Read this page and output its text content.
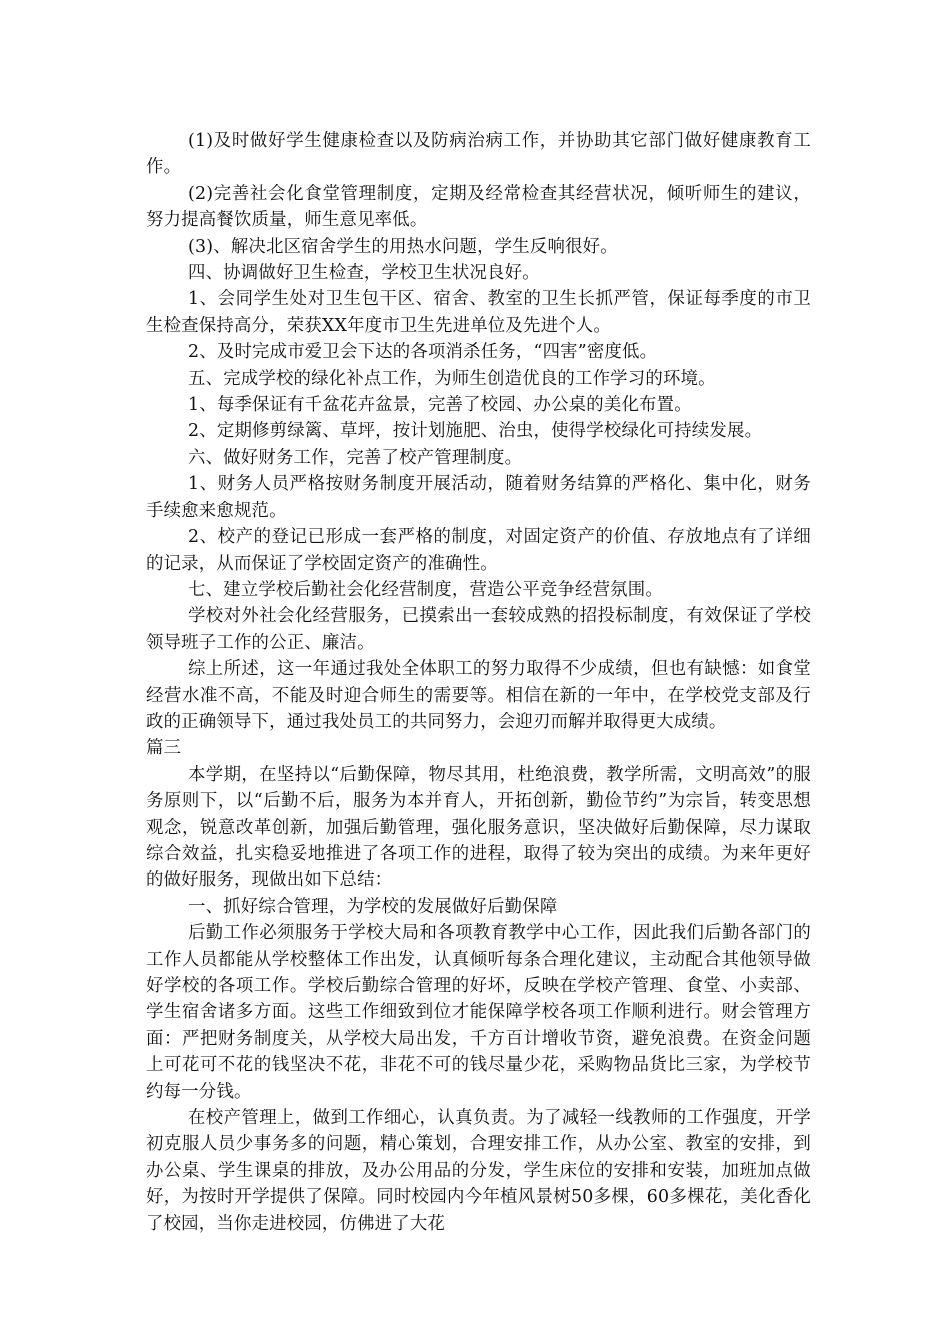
(1)及时做好学生健康检查以及防病治病工作，并协助其它部门做好健康教育工作。

(2)完善社会化食堂管理制度，定期及经常检查其经营状况，倾听师生的建议，努力提高餐饮质量，师生意见率低。

(3)、解决北区宿舍学生的用热水问题，学生反响很好。

四、协调做好卫生检查，学校卫生状况良好。

1、会同学生处对卫生包干区、宿舍、教室的卫生长抓严管，保证每季度的市卫生检查保持高分，荣获XX年度市卫生先进单位及先进个人。

2、及时完成市爱卫会下达的各项消杀任务，“四害”密度低。

五、完成学校的绿化补点工作，为师生创造优良的工作学习的环境。

1、每季保证有千盆花卉盆景，完善了校园、办公桌的美化布置。

2、定期修剪绿篱、草坪，按计划施肥、治虫，使得学校绿化可持续发展。

六、做好财务工作，完善了校产管理制度。

1、财务人员严格按财务制度开展活动，随着财务结算的严格化、集中化，财务手续愈来愈规范。

2、校产的登记已形成一套严格的制度，对固定资产的价值、存放地点有了详细的记录，从而保证了学校固定资产的准确性。

七、建立学校后勤社会化经营制度，营造公平竞争经营氛围。

学校对外社会化经营服务，已摸索出一套较成熟的招投标制度，有效保证了学校领导班子工作的公正、廉洁。

综上所述，这一年通过我处全体职工的努力取得不少成绩，但也有缺憾：如食堂经营水准不高，不能及时迎合师生的需要等。相信在新的一年中，在学校党支部及行政的正确领导下，通过我处员工的共同努力，会迎刃而解并取得更大成绩。

篇三

本学期，在坚持以“后勤保障，物尽其用，杜绝浪费，教学所需，文明高效”的服务原则下，以“后勤不后，服务为本并育人，开拓创新，勤俭节约”为宗旨，转变思想观念，锐意改革创新，加强后勤管理，强化服务意识，坚决做好后勤保障，尽力谋取综合效益，扎实稳妥地推进了各项工作的进程，取得了较为突出的成绩。为来年更好的做好服务，现做出如下总结：

一、抓好综合管理，为学校的发展做好后勤保障

后勤工作必须服务于学校大局和各项教育教学中心工作，因此我们后勤各部门的工作人员都能从学校整体工作出发，认真倾听每条合理化建议，主动配合其他领导做好学校的各项工作。学校后勤综合管理的好坏，反映在学校产管理、食堂、小卖部、学生宿舍诸多方面。这些工作细致到位才能保障学校各项工作顺利进行。财会管理方面：严把财务制度关，从学校大局出发，千方百计增收节资，避免浪费。在资金问题上可花可不花的钱坚决不花，非花不可的钱尽量少花，采购物品货比三家，为学校节约每一分钱。

在校产管理上，做到工作细心，认真负责。为了减轻一线教师的工作强度，开学初克服人员少事务多的问题，精心策划，合理安排工作，从办公室、教室的安排，到办公桌、学生课桌的排放，及办公用品的分发，学生床位的安排和安装，加班加点做好，为按时开学提供了保障。同时校园内今年植风景树50多棵，60多棵花，美化香化了校园，当你走进校园，仿佛进了大花
